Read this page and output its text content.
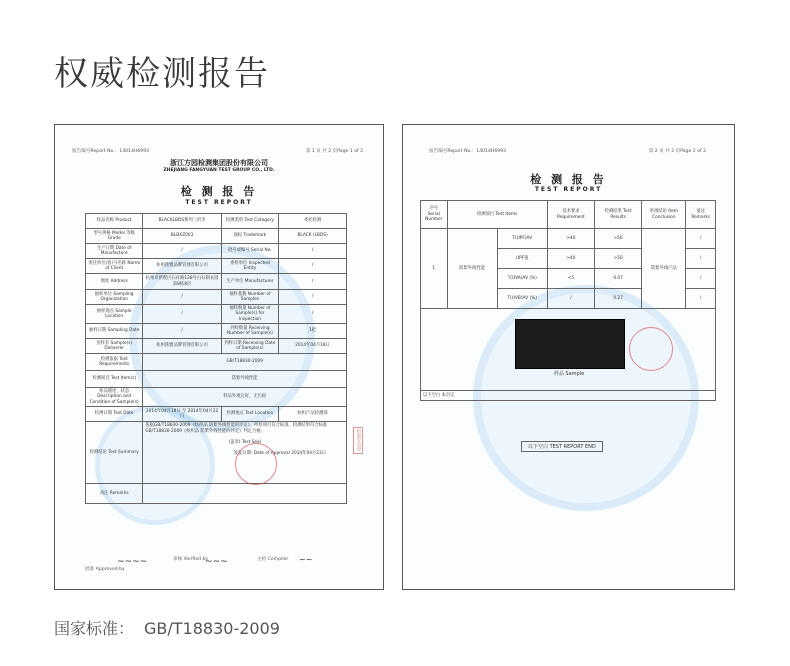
权威检测报告
报告编号Report No.：14014H6993	第 1 页 共 2 页Page 1 of 2
浙江方园检测集团股份有限公司
ZHEJIANG FANGYUAN TEST GROUP CO., LTD.
检 测 报 告
TEST REPORT
样品名称 Product	BLACKLBDS系列三折伞	检测类别 Test Category	委托检测
型号规格 Model 等级 Grade	BLBXZ003	商标 Trademark	BLACK (LBDS)
生产日期 Date of Manufacture	/	批号或编号 Serial No.	/
委托单位(客户)名称 Name of Client	杭州蕉雅品牌管理有限公司	委检单位 Inspected Entity	/
地址 Address	杭州市拱墅区石祥路128号白石制衣园第8栋8层	生产单位 Manufacturer	/
抽样单位 Sampling Organization	/	抽样基数 Number of Samples	/
抽样地点 Sample Location	/	抽样数量 Number of Sample(s) for Inspection	/
抽样日期 Sampling Date	/	到样数量 Receiving Number of Sample(s)	1把
送样者 Sample(s) Deliverer	杭州蕉雅品牌管理有限公司	到样日期 Receiving Date of Sample(s)	2014年04月18日
检测依据 Test Requirements	GB/T18830-2009		
检测项目 Test Item(s)	防紫外线性能		
样品描述、状态 Description and Condition of Sample(s)	样品外观完好，无污损		
检测日期 Test Date	2014年04月18日 至 2014年04月22日	检测地点 Test Location	纺织产品检测部
检测结论 Test Summary	依据GB/T18830-2009《纺织品 防紫外线性能的评定》，所检项目符合标准，检测结果符合标准GB/T18830-2009《纺织品 防紫外线性能的评定》判定合格。
(盖章) Test Seal
签发日期: Date of Approval 2014年04月23日		

备注 Remarks			
批准 Approved by
~~~~	审核 Verified by
~~~	主检 Compiler ~~
检验专用章
报告编号Report No.：14014H6993	第 2 页 共 2 页Page 2 of 2
检 测 报 告
TEST REPORT
序号 Serial Number	检测项目 Test Items		技术要求 Requirement	检测结果 Test Results	单项结论 Item Conclusion	备注 Remarks
1	防紫外线性能	T(UPF)AV	>40	>50	防紫外线产品	/
		UPF值	>40	>50		/
		T(UVA)AV (%)	<5	0.07		/
		T(UVB)AV (%)	/	0.27		/

样品 Sample						

以下空白 本页完						
以下空白 TEST REPORT END
国家标准： GB/T18830-2009
